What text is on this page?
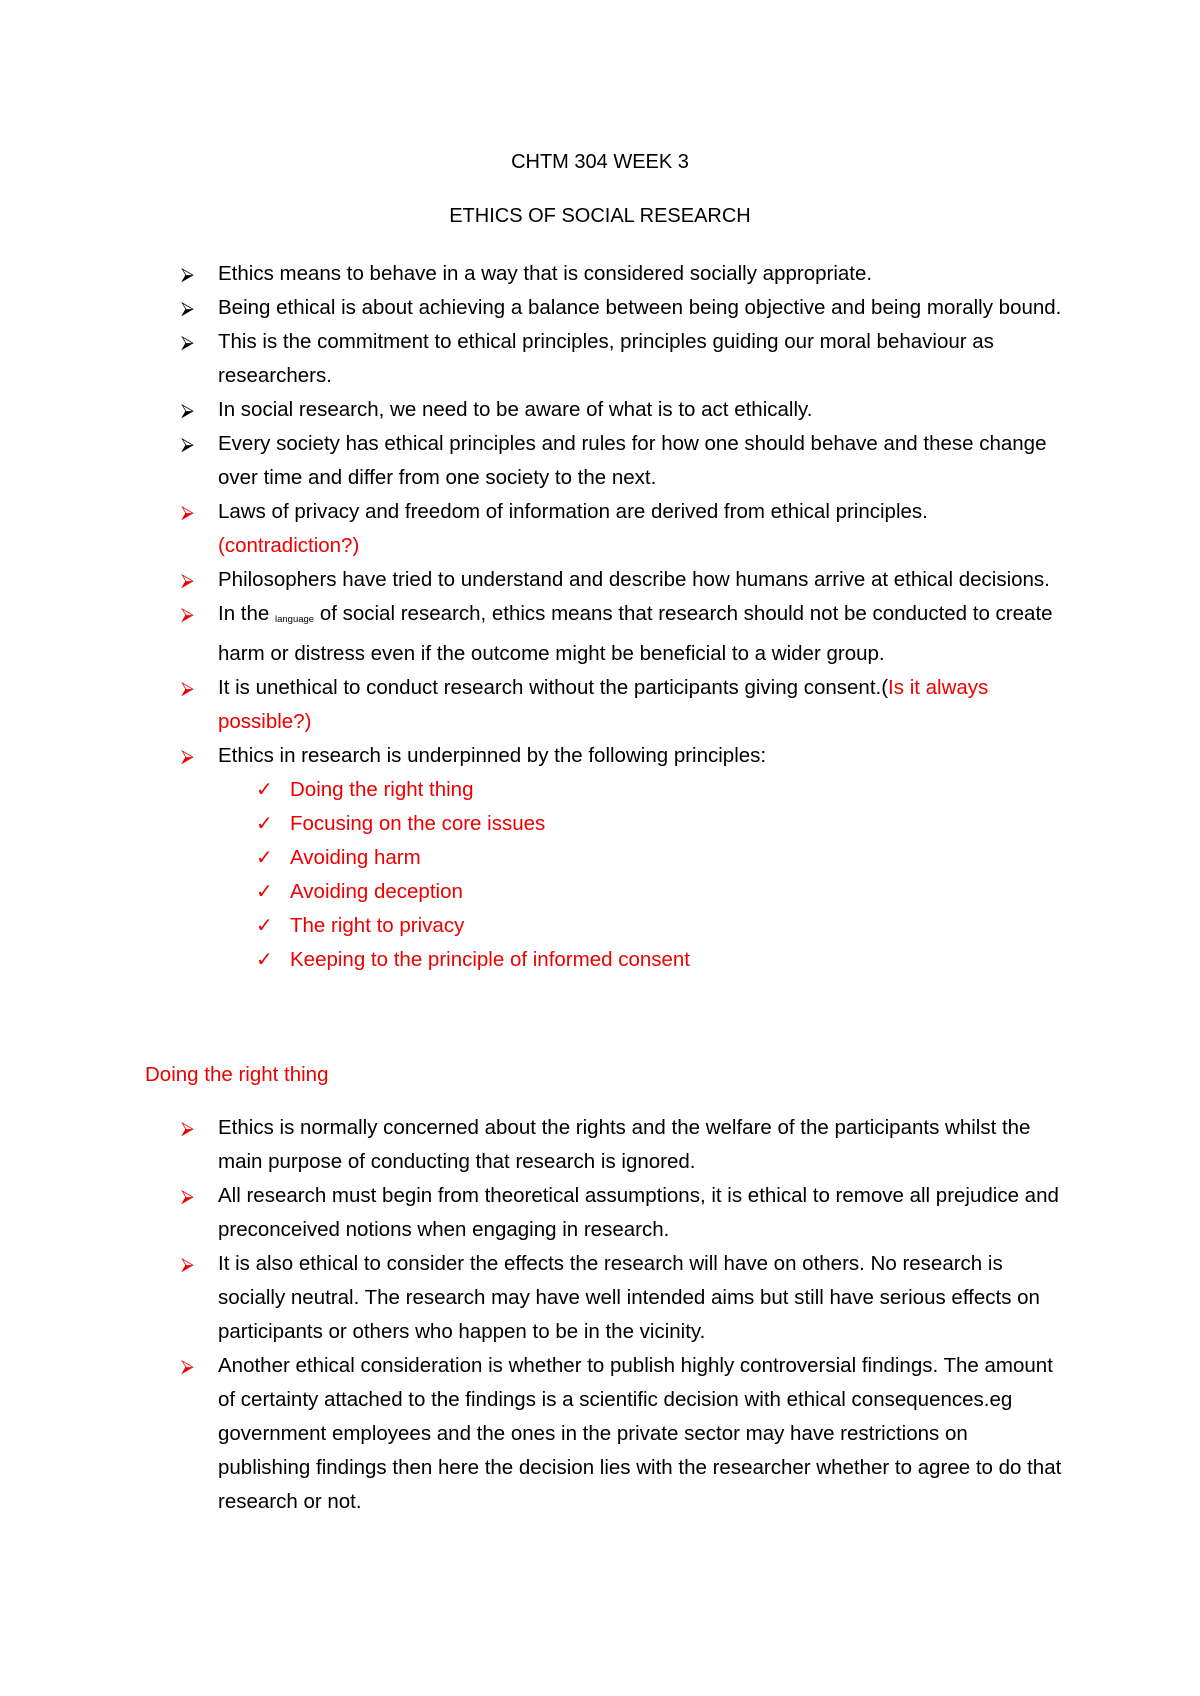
CHTM 304 WEEK 3
ETHICS OF SOCIAL RESEARCH
⮚	Ethics means to behave in a way that is considered socially appropriate.
⮚	Being ethical is about achieving a balance between being objective and being morally bound.
⮚	This is the commitment to ethical principles, principles guiding our moral behaviour as researchers.
⮚	In social research, we need to be aware of what is to act ethically.
⮚	Every society has ethical principles and rules for how one should behave and these change over time and differ from one society to the next.
⮚	Laws of privacy and freedom of information are derived from ethical principles. (contradiction?)
⮚	Philosophers have tried to understand and describe how humans arrive at ethical decisions.
⮚	In the language of social research, ethics means that research should not be conducted to create harm or distress even if the outcome might be beneficial to a wider group.
⮚	It is unethical to conduct research without the participants giving consent.(Is it always possible?)
⮚	Ethics in research is underpinned by the following principles:
✓ Doing the right thing
✓ Focusing on the core issues
✓ Avoiding harm
✓ Avoiding deception
✓ The right to privacy
✓ Keeping to the principle of informed consent
Doing the right thing
⮚	Ethics is normally concerned about the rights and the welfare of the participants whilst the main purpose of conducting that research is ignored.
⮚	All research must begin from theoretical assumptions, it is ethical to remove all prejudice and preconceived notions when engaging in research.
⮚	It is also ethical to consider the effects the research will have on others. No research is socially neutral. The research may have well intended aims but still have serious effects on participants or others who happen to be in the vicinity.
⮚	Another ethical consideration is whether to publish highly controversial findings. The amount of certainty attached to the findings is a scientific decision with ethical consequences.eg government employees and the ones in the private sector may have restrictions on publishing findings then here the decision lies with the researcher whether to agree to do that research or not.
